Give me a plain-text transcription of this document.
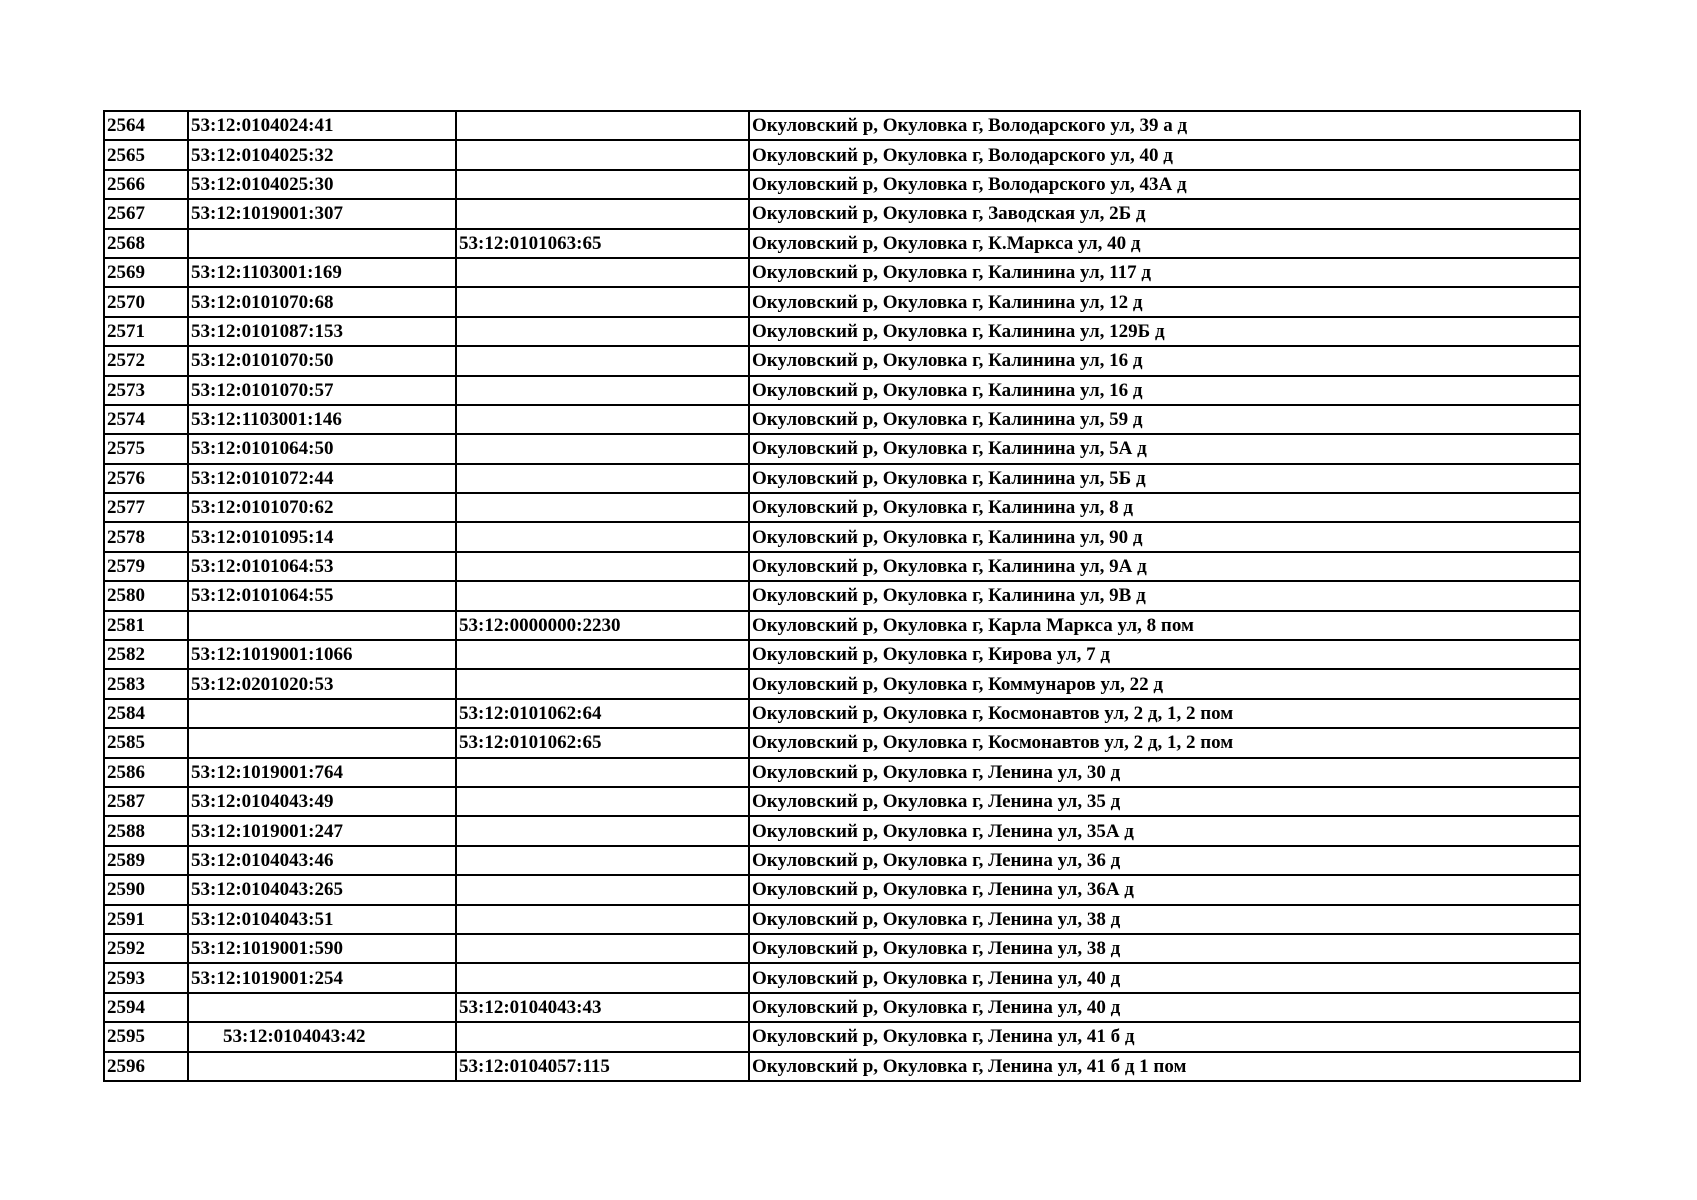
2564	53:12:0104024:41		Окуловский р, Окуловка г, Володарского ул, 39 а д
2565	53:12:0104025:32		Окуловский р, Окуловка г, Володарского ул, 40 д
2566	53:12:0104025:30		Окуловский р, Окуловка г, Володарского ул, 43А д
2567	53:12:1019001:307		Окуловский р, Окуловка г, Заводская ул, 2Б д
2568		53:12:0101063:65	Окуловский р, Окуловка г, К.Маркса ул, 40 д
2569	53:12:1103001:169		Окуловский р, Окуловка г, Калинина ул, 117 д
2570	53:12:0101070:68		Окуловский р, Окуловка г, Калинина ул, 12 д
2571	53:12:0101087:153		Окуловский р, Окуловка г, Калинина ул, 129Б д
2572	53:12:0101070:50		Окуловский р, Окуловка г, Калинина ул, 16 д
2573	53:12:0101070:57		Окуловский р, Окуловка г, Калинина ул, 16 д
2574	53:12:1103001:146		Окуловский р, Окуловка г, Калинина ул, 59 д
2575	53:12:0101064:50		Окуловский р, Окуловка г, Калинина ул, 5А д
2576	53:12:0101072:44		Окуловский р, Окуловка г, Калинина ул, 5Б д
2577	53:12:0101070:62		Окуловский р, Окуловка г, Калинина ул, 8 д
2578	53:12:0101095:14		Окуловский р, Окуловка г, Калинина ул, 90 д
2579	53:12:0101064:53		Окуловский р, Окуловка г, Калинина ул, 9А д
2580	53:12:0101064:55		Окуловский р, Окуловка г, Калинина ул, 9В д
2581		53:12:0000000:2230	Окуловский р, Окуловка г, Карла Маркса ул, 8 пом
2582	53:12:1019001:1066		Окуловский р, Окуловка г, Кирова ул, 7 д
2583	53:12:0201020:53		Окуловский р, Окуловка г, Коммунаров ул, 22 д
2584		53:12:0101062:64	Окуловский р, Окуловка г, Космонавтов ул, 2 д, 1, 2 пом
2585		53:12:0101062:65	Окуловский р, Окуловка г, Космонавтов ул, 2 д, 1, 2 пом
2586	53:12:1019001:764		Окуловский р, Окуловка г, Ленина ул, 30 д
2587	53:12:0104043:49		Окуловский р, Окуловка г, Ленина ул, 35 д
2588	53:12:1019001:247		Окуловский р, Окуловка г, Ленина ул, 35А д
2589	53:12:0104043:46		Окуловский р, Окуловка г, Ленина ул, 36 д
2590	53:12:0104043:265		Окуловский р, Окуловка г, Ленина ул, 36А д
2591	53:12:0104043:51		Окуловский р, Окуловка г, Ленина ул, 38 д
2592	53:12:1019001:590		Окуловский р, Окуловка г, Ленина ул, 38 д
2593	53:12:1019001:254		Окуловский р, Окуловка г, Ленина ул, 40 д
2594		53:12:0104043:43	Окуловский р, Окуловка г, Ленина ул, 40 д
2595	53:12:0104043:42		Окуловский р, Окуловка г, Ленина ул, 41 б д
2596		53:12:0104057:115	Окуловский р, Окуловка г, Ленина ул, 41 б д 1 пом
